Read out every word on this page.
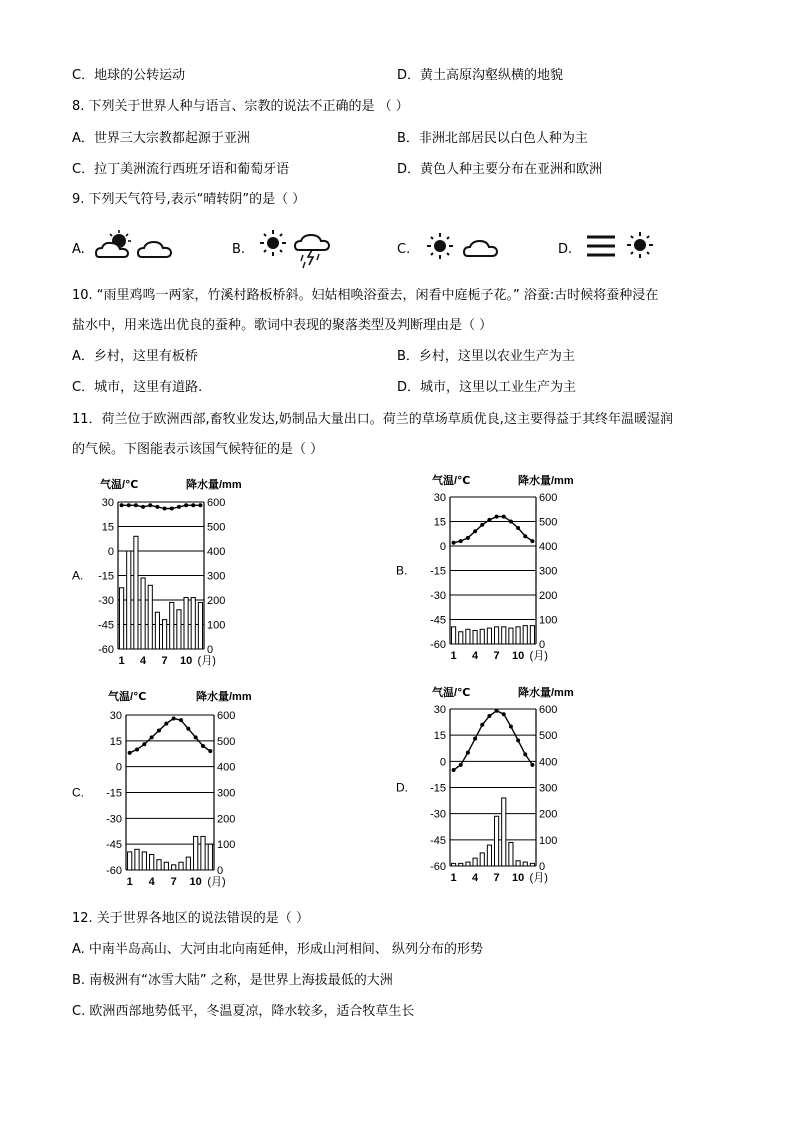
C．地球的公转运动	D．黄土高原沟壑纵横的地貌
8. 下列关于世界人种与语言、宗教的说法不正确的是 （ ）
A．世界三大宗教都起源于亚洲	B．非洲北部居民以白色人种为主
C．拉丁美洲流行西班牙语和葡萄牙语	D．黄色人种主要分布在亚洲和欧洲
9. 下列天气符号,表示“晴转阴”的是（ ）
A.	B.	C.	D.
10. “雨里鸡鸣一两家，竹溪村路板桥斜。妇姑相唤浴蚕去，闲看中庭栀子花。” 浴蚕:古时候将蚕种浸在
盐水中，用来选出优良的蚕种。歌词中表现的聚落类型及判断理由是（ ）
A．乡村，这里有板桥	B．乡村，这里以农业生产为主
C．城市，这里有道路.	D．城市，这里以工业生产为主
11．荷兰位于欧洲西部,畜牧业发达,奶制品大量出口。荷兰的草场草质优良,这主要得益于其终年温暖湿润
的气候。下图能表示该国气候特征的是（ ）
A.
气温/℃	降水量/mm
30	600
15	500
0	400
-15	300
-30	200
-45	100
-60	0
1 4 7 10 (月)
B.
气温/℃	降水量/mm
30	600
15	500
0	400
-15	300
-30	200
-45	100
-60	0
1 4 7 10 (月)
C.
气温/℃	降水量/mm
30	600
15	500
0	400
-15	300
-30	200
-45	100
-60	0
1 4 7 10 (月)
D.
气温/℃	降水量/mm
30	600
15	500
0	400
-15	300
-30	200
-45	100
-60	0
1 4 7 10 (月)
12. 关于世界各地区的说法错误的是（ ）
A. 中南半岛高山、大河由北向南延伸，形成山河相间、 纵列分布的形势
B. 南极洲有“冰雪大陆” 之称，是世界上海拔最低的大洲
C. 欧洲西部地势低平，冬温夏凉，降水较多，适合牧草生长
